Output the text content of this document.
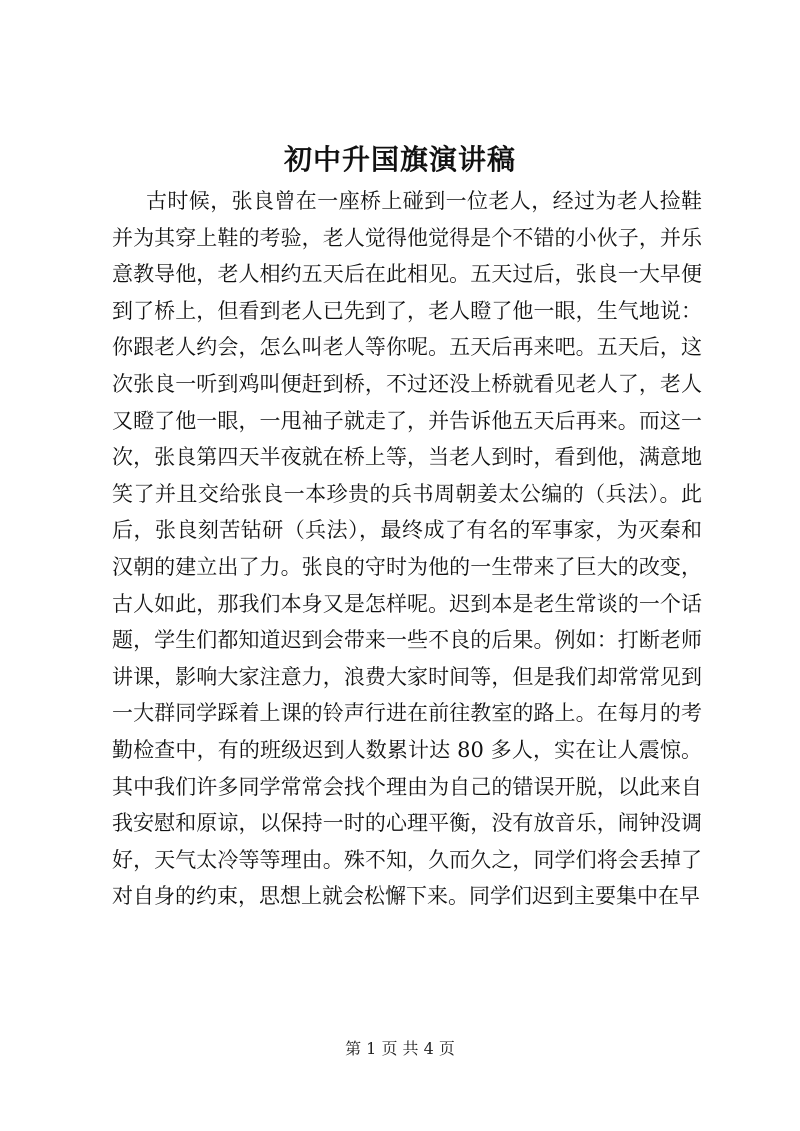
初中升国旗演讲稿
古时候，张良曾在一座桥上碰到一位老人，经过为老人捡鞋
并为其穿上鞋的考验，老人觉得他觉得是个不错的小伙子，并乐
意教导他，老人相约五天后在此相见。五天过后，张良一大早便
到了桥上，但看到老人已先到了，老人瞪了他一眼，生气地说：
你跟老人约会，怎么叫老人等你呢。五天后再来吧。五天后，这
次张良一听到鸡叫便赶到桥，不过还没上桥就看见老人了，老人
又瞪了他一眼，一甩袖子就走了，并告诉他五天后再来。而这一
次，张良第四天半夜就在桥上等，当老人到时，看到他，满意地
笑了并且交给张良一本珍贵的兵书周朝姜太公编的（兵法）。此
后，张良刻苦钻研（兵法），最终成了有名的军事家，为灭秦和
汉朝的建立出了力。张良的守时为他的一生带来了巨大的改变，
古人如此，那我们本身又是怎样呢。迟到本是老生常谈的一个话
题，学生们都知道迟到会带来一些不良的后果。例如：打断老师
讲课，影响大家注意力，浪费大家时间等，但是我们却常常见到
一大群同学踩着上课的铃声行进在前往教室的路上。在每月的考
勤检查中，有的班级迟到人数累计达 80 多人，实在让人震惊。
其中我们许多同学常常会找个理由为自己的错误开脱，以此来自
我安慰和原谅，以保持一时的心理平衡，没有放音乐，闹钟没调
好，天气太冷等等理由。殊不知，久而久之，同学们将会丢掉了
对自身的约束，思想上就会松懈下来。同学们迟到主要集中在早
第 1 页 共 4 页
